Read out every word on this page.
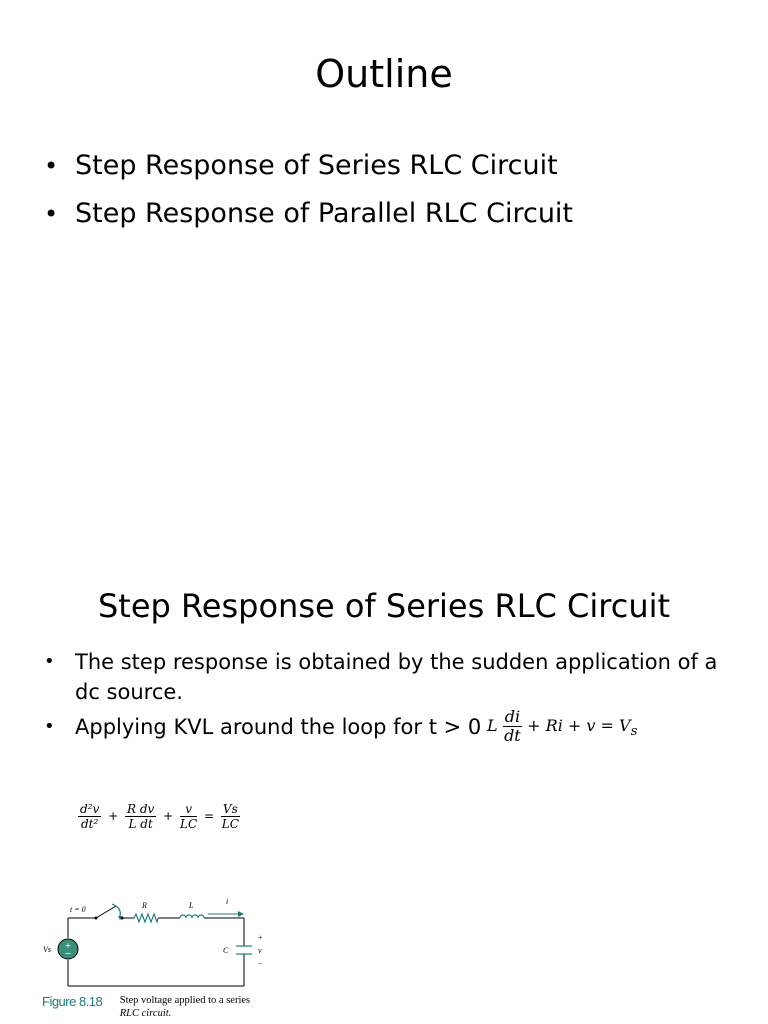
Outline
• Step Response of Series RLC Circuit
• Step Response of Parallel RLC Circuit
Step Response of Series RLC Circuit
• The step response is obtained by the sudden application of a dc source.
• Applying KVL around the loop for t > 0 L $\frac{di}{dt} + Ri + v = V_s$
$\frac{\text{d²v}}{\text{dt²}} + \frac{\text{R dv}}{\text{L dt}} + \frac{v}{LC} = \frac{Vs}{LC}$
+
−
t = 0	R	L	i
Vs	C
+
v
−
Figure 8.18 Step voltage applied to a series
RLC circuit.
